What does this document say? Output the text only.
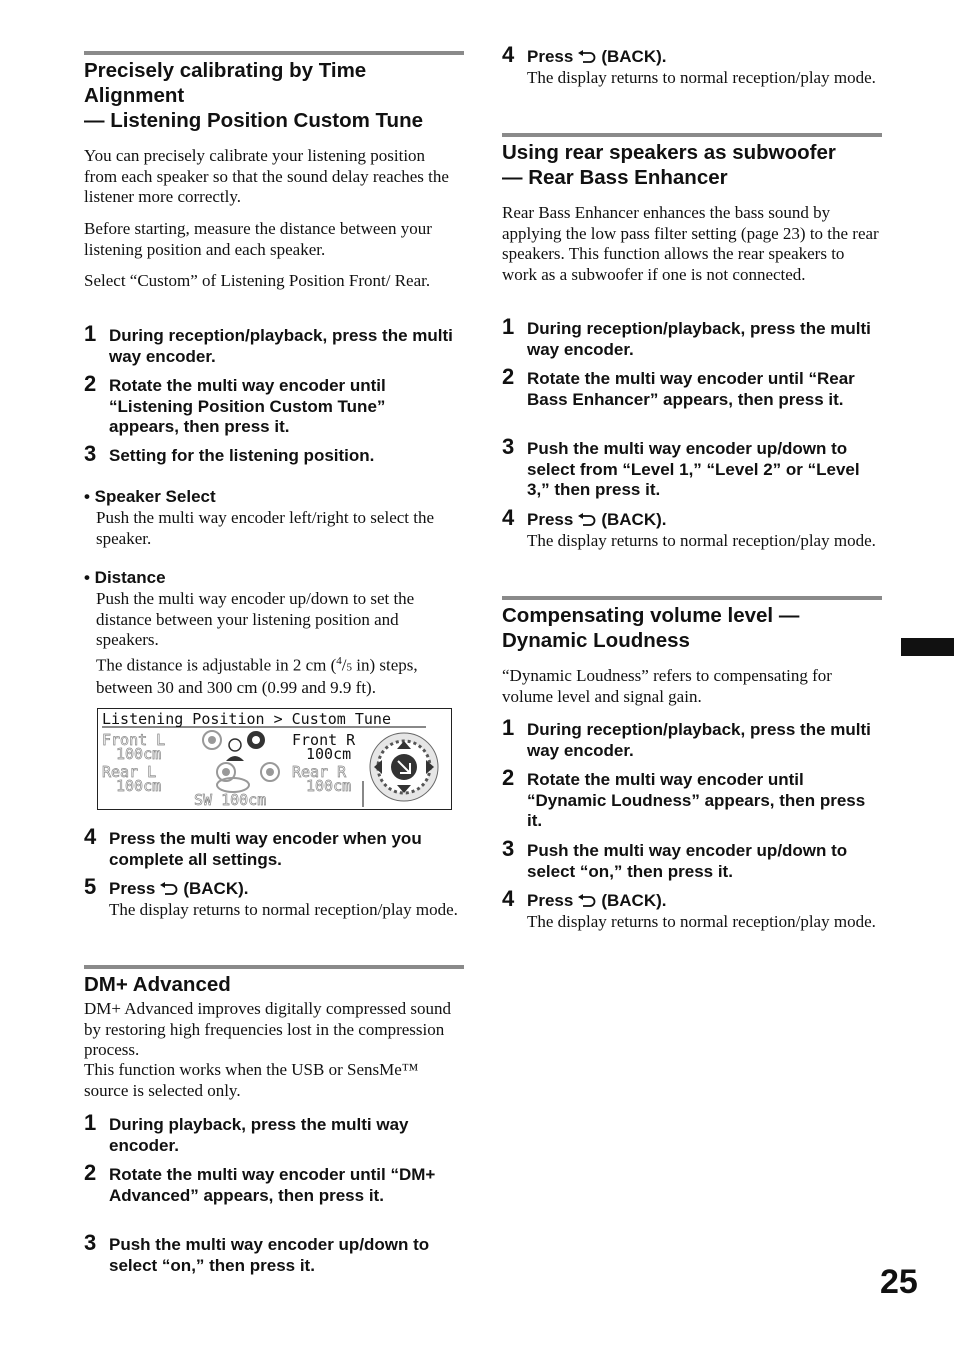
Precisely calibrating by Time
Alignment
— Listening Position Custom Tune

You can precisely calibrate your listening position from each speaker so that the sound delay reaches the listener more correctly.

Before starting, measure the distance between your listening position and each speaker.

Select “Custom” of Listening Position Front/ Rear.

1 During reception/playback, press the multi way encoder.
2 Rotate the multi way encoder until “Listening Position Custom Tune” appears, then press it.
3 Setting for the listening position.
• Speaker Select
Push the multi way encoder left/right to select the speaker.
• Distance
Push the multi way encoder up/down to set the distance between your listening position and speakers.
The distance is adjustable in 2 cm ($^4$/5 in) steps, between 30 and 300 cm (0.99 and 9.9 ft).
Listening Position > Custom Tune
Front L
100cm
Front R
100cm
Rear L
100cm
Rear R
100cm
SW 100cm
4 Press the multi way encoder when you complete all settings.
5 Press (BACK).
The display returns to normal reception/play mode.
DM+ Advanced

DM+ Advanced improves digitally compressed sound by restoring high frequencies lost in the compression process.

This function works when the USB or SensMe™ source is selected only.

1 During playback, press the multi way encoder.
2 Rotate the multi way encoder until “DM+ Advanced” appears, then press it.
3 Push the multi way encoder up/down to select “on,” then press it.
4 Press (BACK).
The display returns to normal reception/play mode.
Using rear speakers as subwoofer
— Rear Bass Enhancer

Rear Bass Enhancer enhances the bass sound by applying the low pass filter setting (page 23) to the rear speakers. This function allows the rear speakers to work as a subwoofer if one is not connected.

1 During reception/playback, press the multi way encoder.
2 Rotate the multi way encoder until “Rear Bass Enhancer” appears, then press it.
3 Push the multi way encoder up/down to select from “Level 1,” “Level 2” or “Level 3,” then press it.
4 Press (BACK).
The display returns to normal reception/play mode.
Compensating volume level —
Dynamic Loudness

“Dynamic Loudness” refers to compensating for volume level and signal gain.

1 During reception/playback, press the multi way encoder.
2 Rotate the multi way encoder until “Dynamic Loudness” appears, then press it.
3 Push the multi way encoder up/down to select “on,” then press it.
4 Press (BACK).
The display returns to normal reception/play mode.
25
